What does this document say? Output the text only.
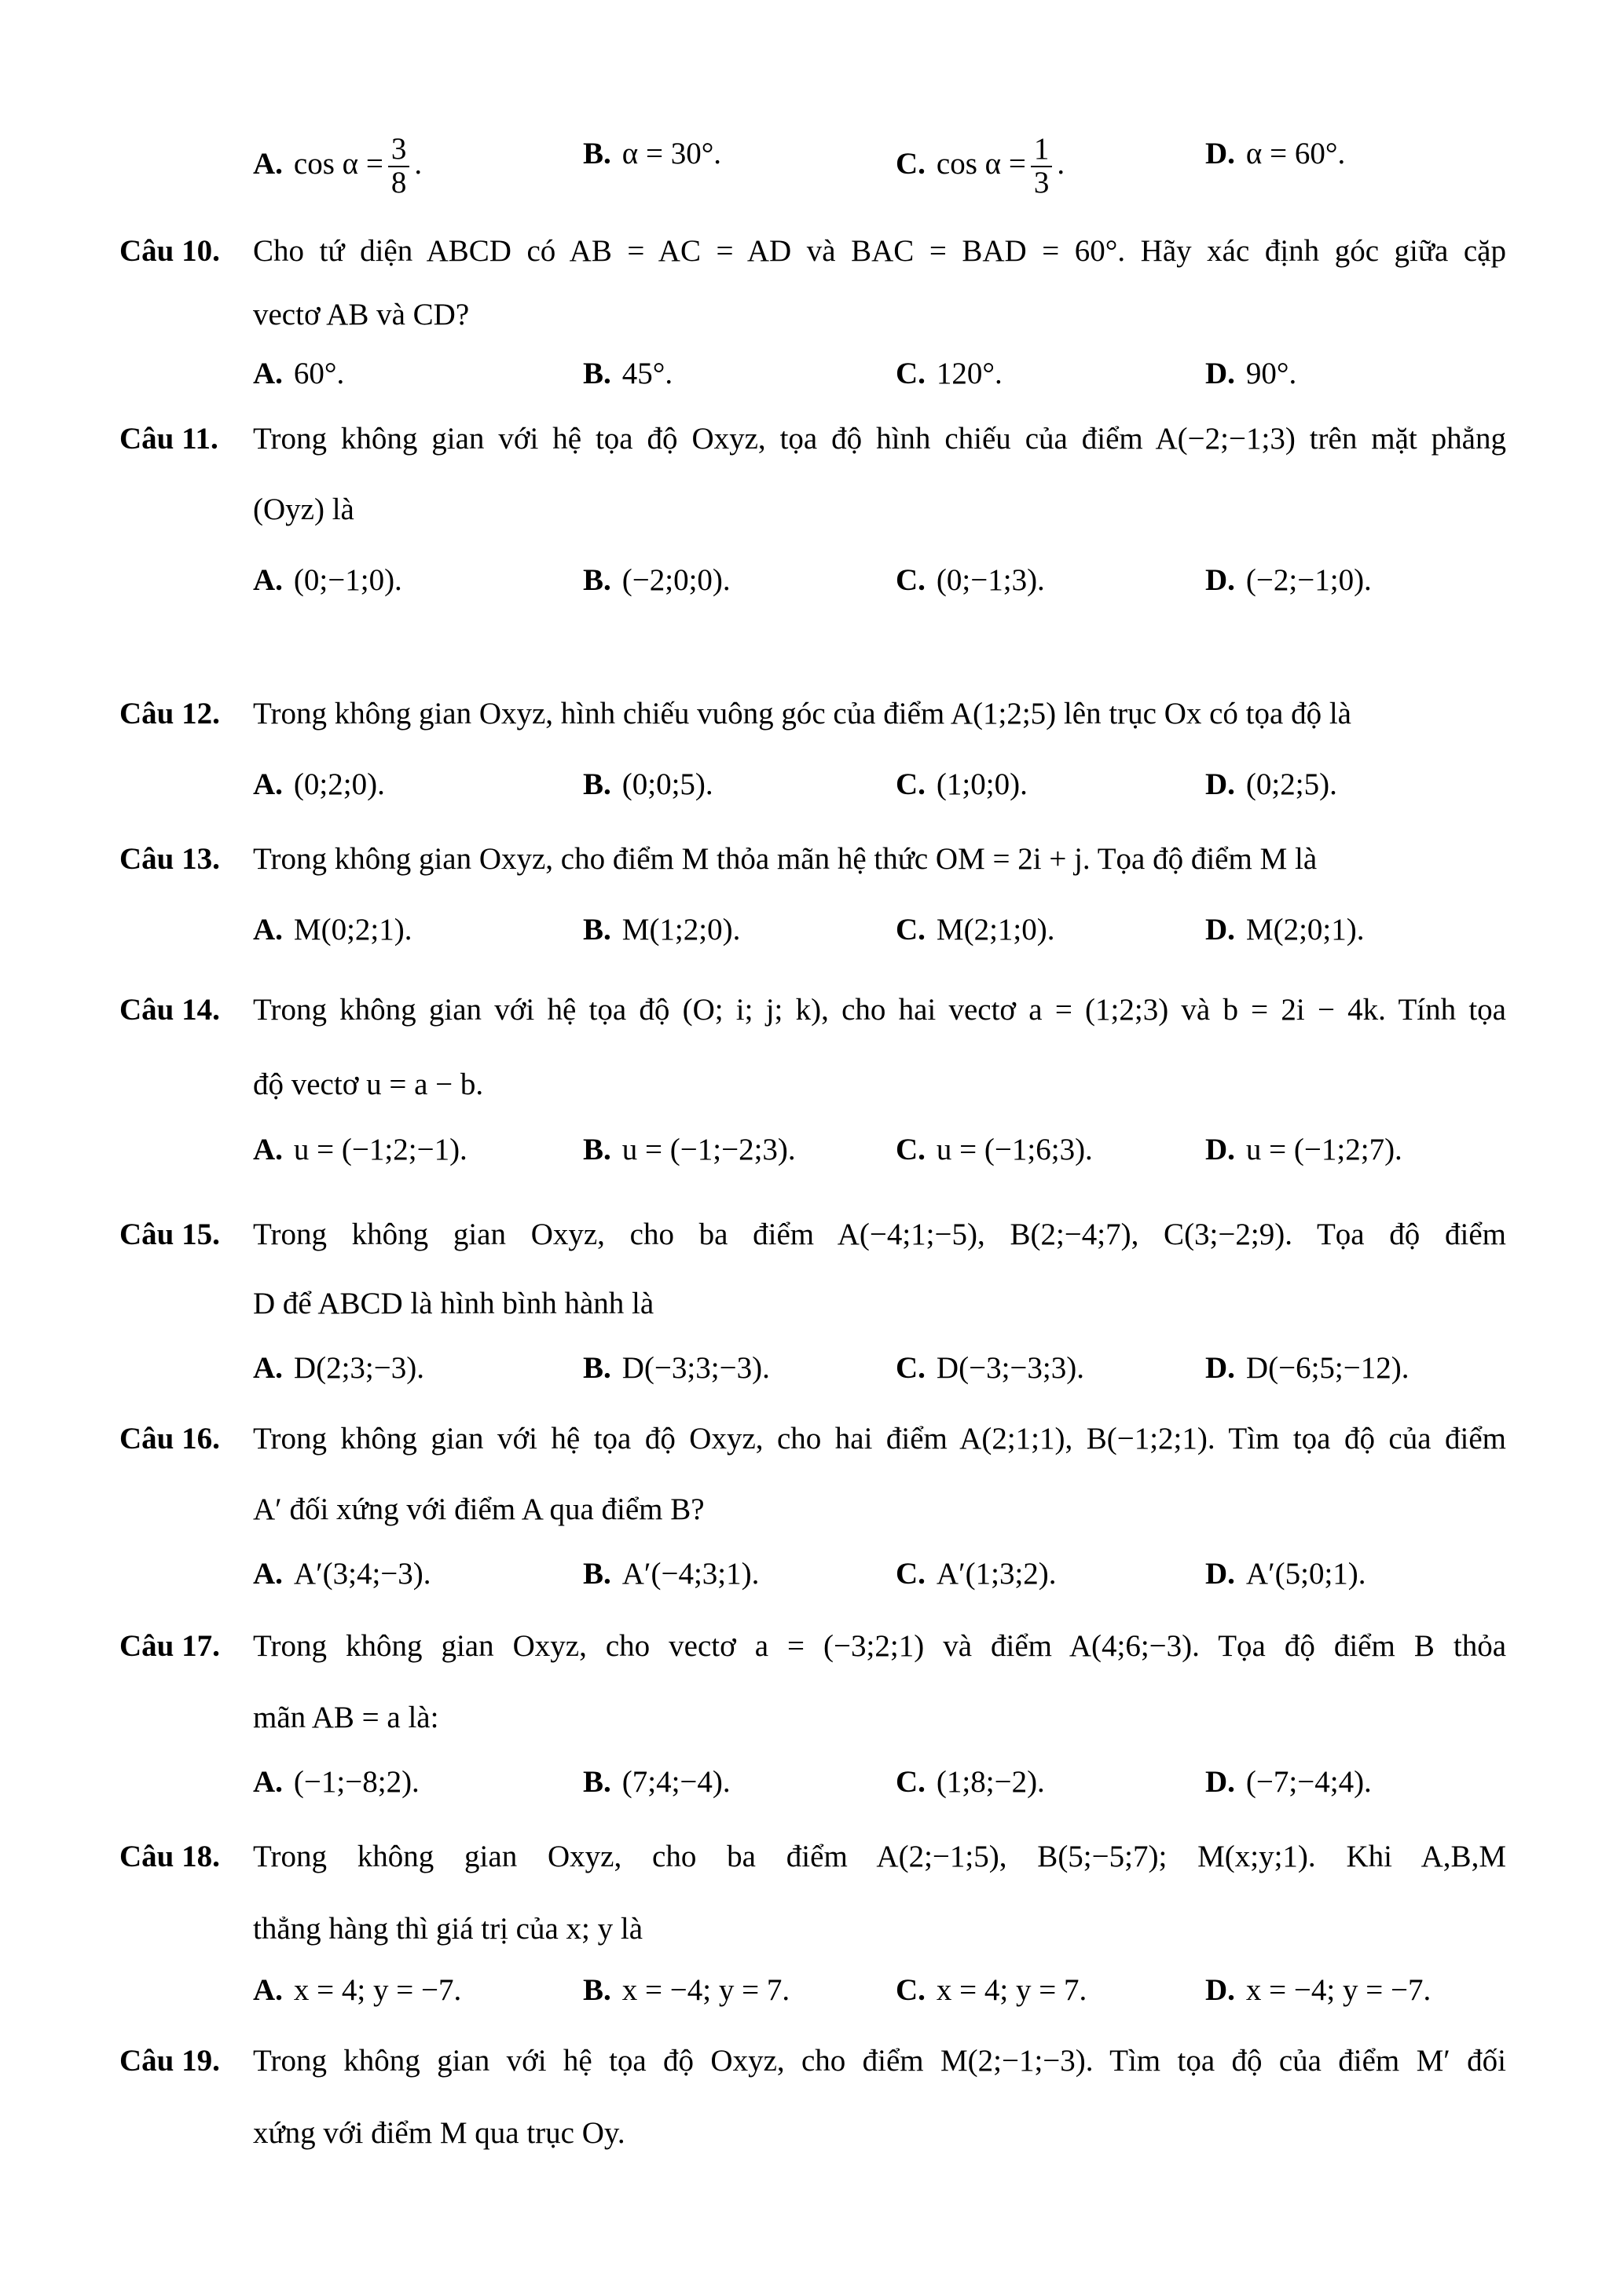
A. $\cos \alpha = \frac{3}{8}$ .	B. α = 30°.	C. $\cos \alpha = \frac{1}{3}$ .	D. α = 60°.
Câu 10. Cho tứ diện ABCD có AB = AC = AD và BAC = BAD = 60°. Hãy xác định góc giữa cặp
vectơ AB và CD?
A. 60°.	B. 45°.	C. 120°.	D. 90°.
Câu 11. Trong không gian với hệ tọa độ Oxyz, tọa độ hình chiếu của điểm A(−2;−1;3) trên mặt phẳng
(Oyz) là
A. (0;−1;0).	B. (−2;0;0).	C. (0;−1;3).	D. (−2;−1;0).
Câu 12. Trong không gian Oxyz, hình chiếu vuông góc của điểm A(1;2;5) lên trục Ox có tọa độ là
A. (0;2;0).	B. (0;0;5).	C. (1;0;0).	D. (0;2;5).
Câu 13. Trong không gian Oxyz, cho điểm M thỏa mãn hệ thức OM = 2i + j. Tọa độ điểm M là
A. M(0;2;1).	B. M(1;2;0).	C. M(2;1;0).	D. M(2;0;1).
Câu 14. Trong không gian với hệ tọa độ (O; i; j; k), cho hai vectơ a = (1;2;3) và b = 2i − 4k. Tính tọa
độ vectơ u = a − b.
A. u = (−1;2;−1).	B. u = (−1;−2;3).	C. u = (−1;6;3).	D. u = (−1;2;7).
Câu 15. Trong không gian Oxyz, cho ba điểm A(−4;1;−5), B(2;−4;7), C(3;−2;9). Tọa độ điểm
D để ABCD là hình bình hành là
A. D(2;3;−3).	B. D(−3;3;−3).	C. D(−3;−3;3).	D. D(−6;5;−12).
Câu 16. Trong không gian với hệ tọa độ Oxyz, cho hai điểm A(2;1;1), B(−1;2;1). Tìm tọa độ của điểm
A′ đối xứng với điểm A qua điểm B?
A. A′(3;4;−3).	B. A′(−4;3;1).	C. A′(1;3;2).	D. A′(5;0;1).
Câu 17. Trong không gian Oxyz, cho vectơ a = (−3;2;1) và điểm A(4;6;−3). Tọa độ điểm B thỏa
mãn AB = a là:
A. (−1;−8;2).	B. (7;4;−4).	C. (1;8;−2).	D. (−7;−4;4).
Câu 18. Trong không gian Oxyz, cho ba điểm A(2;−1;5), B(5;−5;7); M(x;y;1). Khi A,B,M
thẳng hàng thì giá trị của x; y là
A. x = 4; y = −7.	B. x = −4; y = 7.	C. x = 4; y = 7.	D. x = −4; y = −7.
Câu 19. Trong không gian với hệ tọa độ Oxyz, cho điểm M(2;−1;−3). Tìm tọa độ của điểm M′ đối
xứng với điểm M qua trục Oy.
